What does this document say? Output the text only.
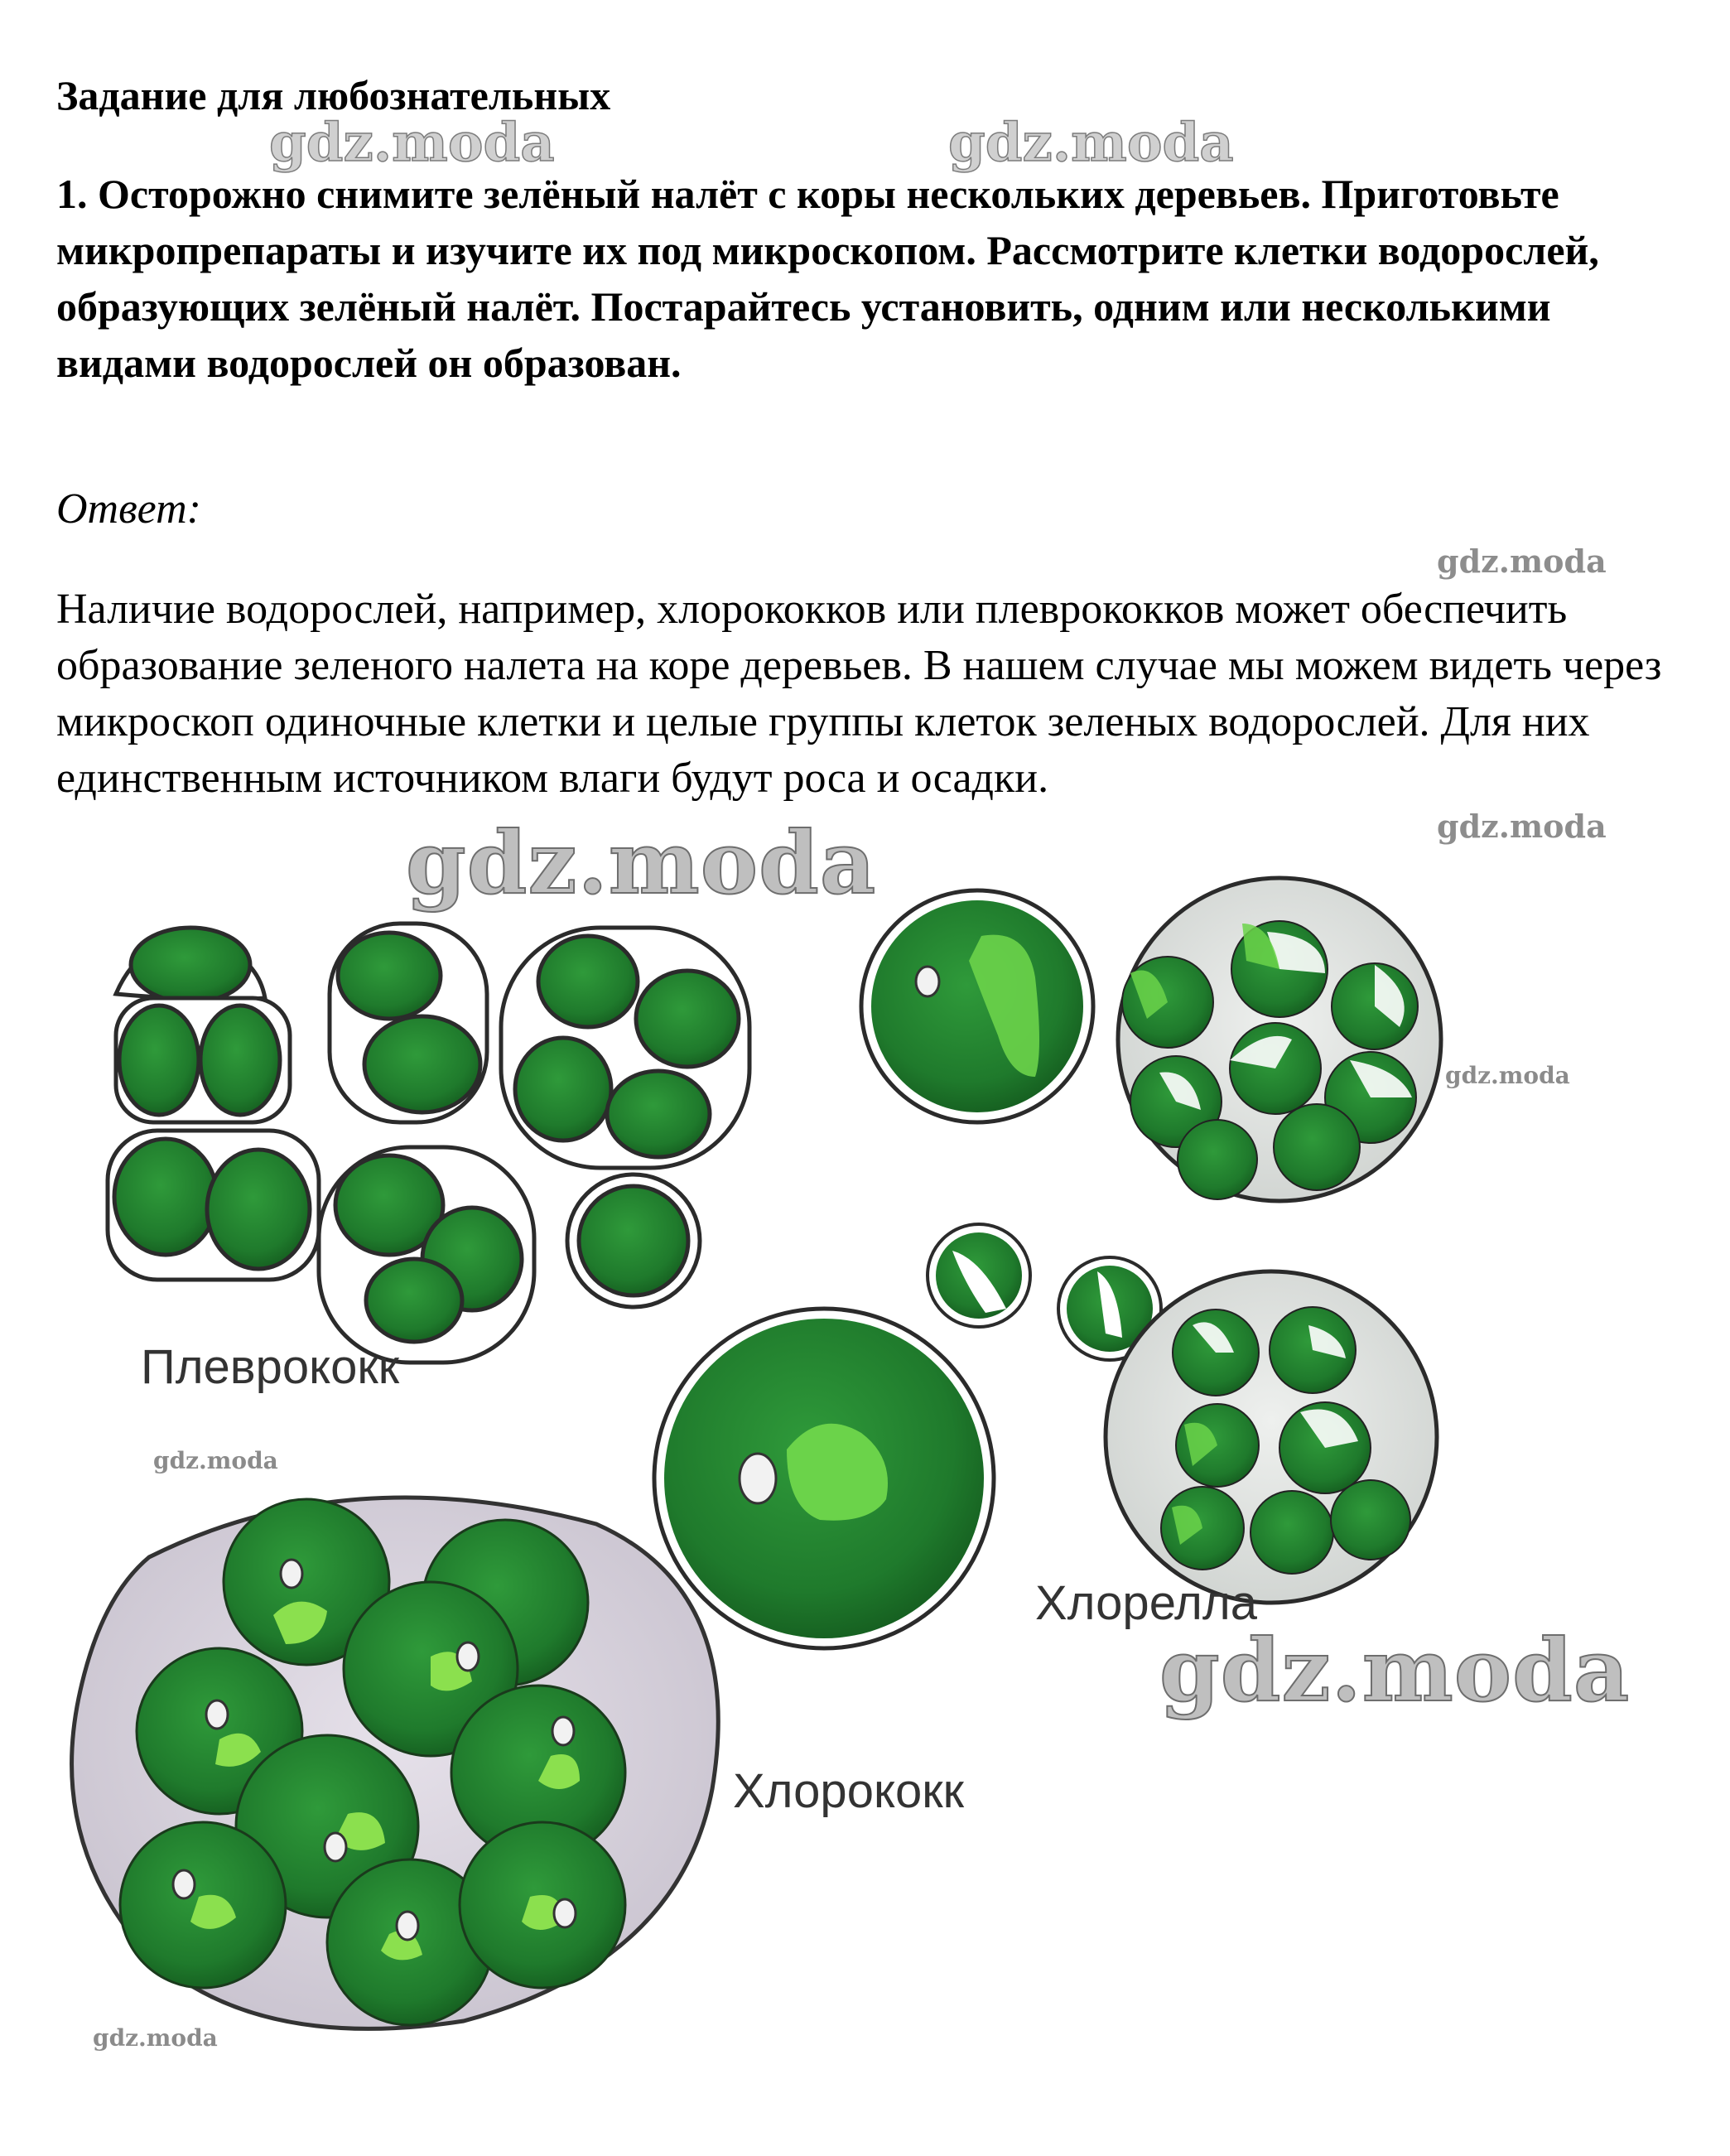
Задание для любознательных

1. Осторожно снимите зелёный налёт с коры нескольких деревьев. Приготовьте микропрепараты и изучите их под микроскопом. Рассмотрите клетки водорослей, образующих зелёный налёт. Постарайтесь установить, одним или несколькими видами водорослей он образован.

Ответ:

Наличие водорослей, например, хлорококков или плеврококков может обеспечить образование зеленого налета на коре деревьев. В нашем случае мы можем видеть через микроскоп одиночные клетки и целые группы клеток зеленых водорослей. Для них единственным источником влаги будут роса и осадки.

gdz.moda	gdz.moda
gdz.moda
gdz.moda
gdz.moda
gdz.moda
gdz.moda
gdz.moda
gdz.moda
Плеврококк
Хлорелла
Хлорококк
